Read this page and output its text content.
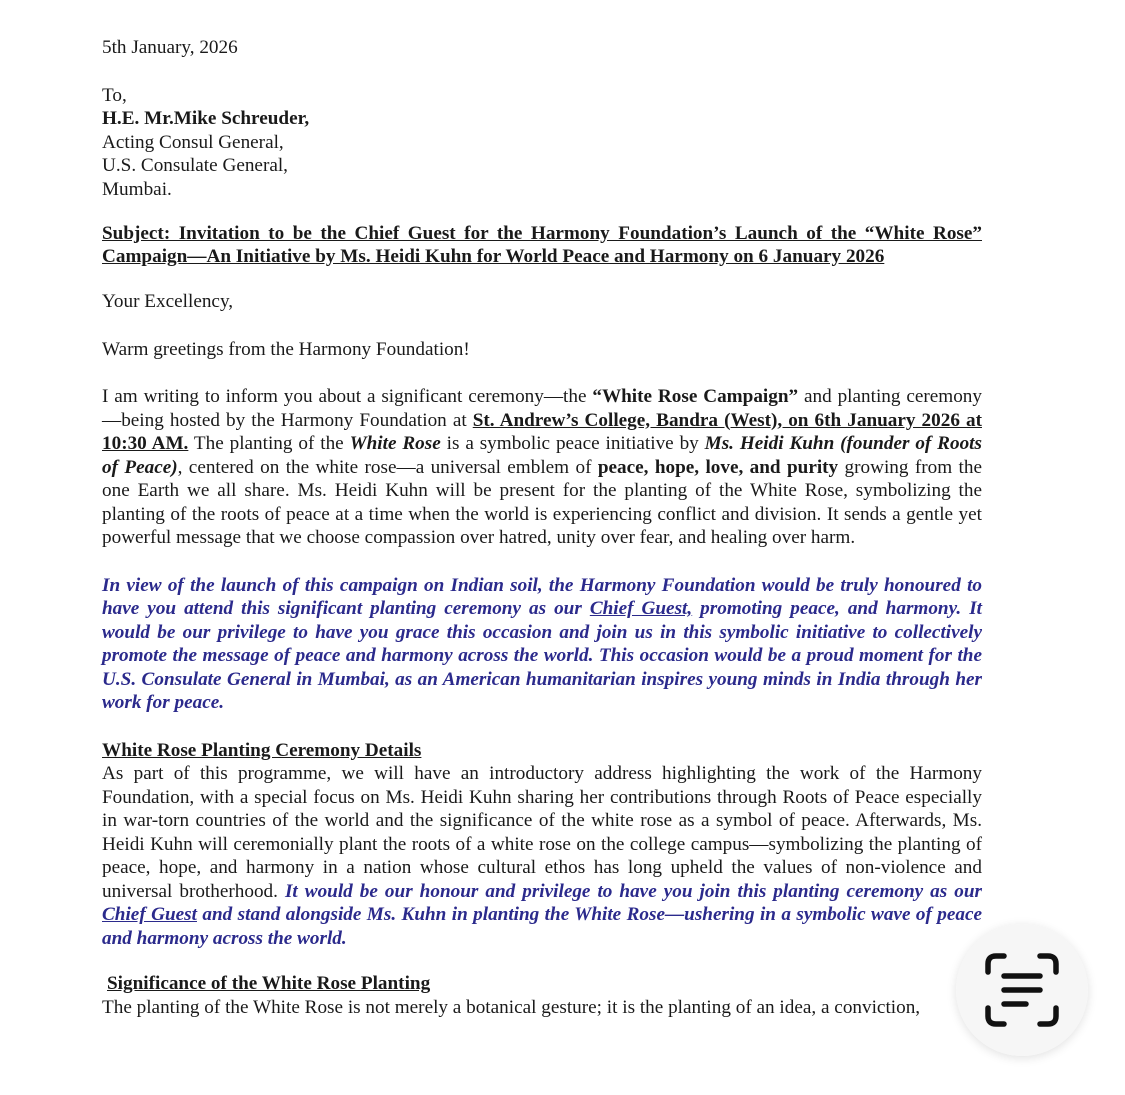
5th January, 2026
To,
H.E. Mr.Mike Schreuder,
Acting Consul General,
U.S. Consulate General,
Mumbai.
Subject: Invitation to be the Chief Guest for the Harmony Foundation’s Launch of the “White Rose” Campaign—An Initiative by Ms. Heidi Kuhn for World Peace and Harmony on 6 January 2026
Your Excellency,
Warm greetings from the Harmony Foundation!

I am writing to inform you about a significant ceremony—the “White Rose Campaign” and planting ceremony—being hosted by the Harmony Foundation at St. Andrew’s College, Bandra (West), on 6th January 2026 at 10:30 AM. The planting of the White Rose is a symbolic peace initiative by Ms. Heidi Kuhn (founder of Roots of Peace), centered on the white rose—a universal emblem of peace, hope, love, and purity growing from the one Earth we all share. Ms. Heidi Kuhn will be present for the planting of the White Rose, symbolizing the planting of the roots of peace at a time when the world is experiencing conflict and division. It sends a gentle yet powerful message that we choose compassion over hatred, unity over fear, and healing over harm.

In view of the launch of this campaign on Indian soil, the Harmony Foundation would be truly honoured to have you attend this significant planting ceremony as our Chief Guest, promoting peace, and harmony. It would be our privilege to have you grace this occasion and join us in this symbolic initiative to collectively promote the message of peace and harmony across the world. This occasion would be a proud moment for the U.S. Consulate General in Mumbai, as an American humanitarian inspires young minds in India through her work for peace.

White Rose Planting Ceremony Details

As part of this programme, we will have an introductory address highlighting the work of the Harmony Foundation, with a special focus on Ms. Heidi Kuhn sharing her contributions through Roots of Peace especially in war-torn countries of the world and the significance of the white rose as a symbol of peace. Afterwards, Ms. Heidi Kuhn will ceremonially plant the roots of a white rose on the college campus—symbolizing the planting of peace, hope, and harmony in a nation whose cultural ethos has long upheld the values of non-violence and universal brotherhood. It would be our honour and privilege to have you join this planting ceremony as our Chief Guest and stand alongside Ms. Kuhn in planting the White Rose—ushering in a symbolic wave of peace and harmony across the world.

Significance of the White Rose Planting

The planting of the White Rose is not merely a botanical gesture; it is the planting of an idea, a conviction,
